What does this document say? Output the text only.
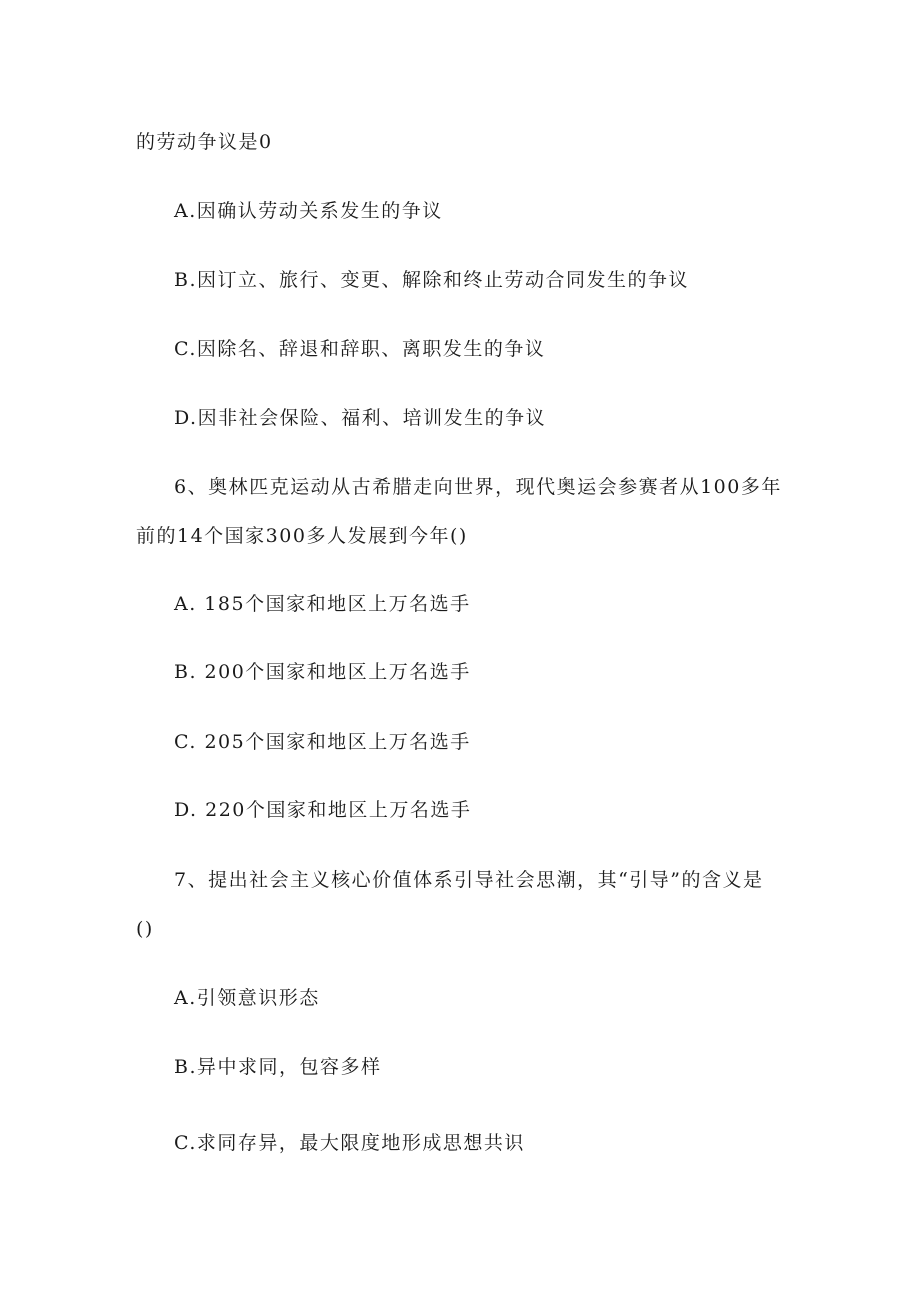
的劳动争议是0
A.因确认劳动关系发生的争议
B.因订立、旅行、变更、解除和终止劳动合同发生的争议
C.因除名、辞退和辞职、离职发生的争议
D.因非社会保险、福利、培训发生的争议
6、奥林匹克运动从古希腊走向世界，现代奥运会参赛者从100多年
前的14个国家300多人发展到今年()
A. 185个国家和地区上万名选手
B. 200个国家和地区上万名选手
C. 205个国家和地区上万名选手
D. 220个国家和地区上万名选手
7、提出社会主义核心价值体系引导社会思潮，其“引导”的含义是
()
A.引领意识形态
B.异中求同，包容多样
C.求同存异，最大限度地形成思想共识
